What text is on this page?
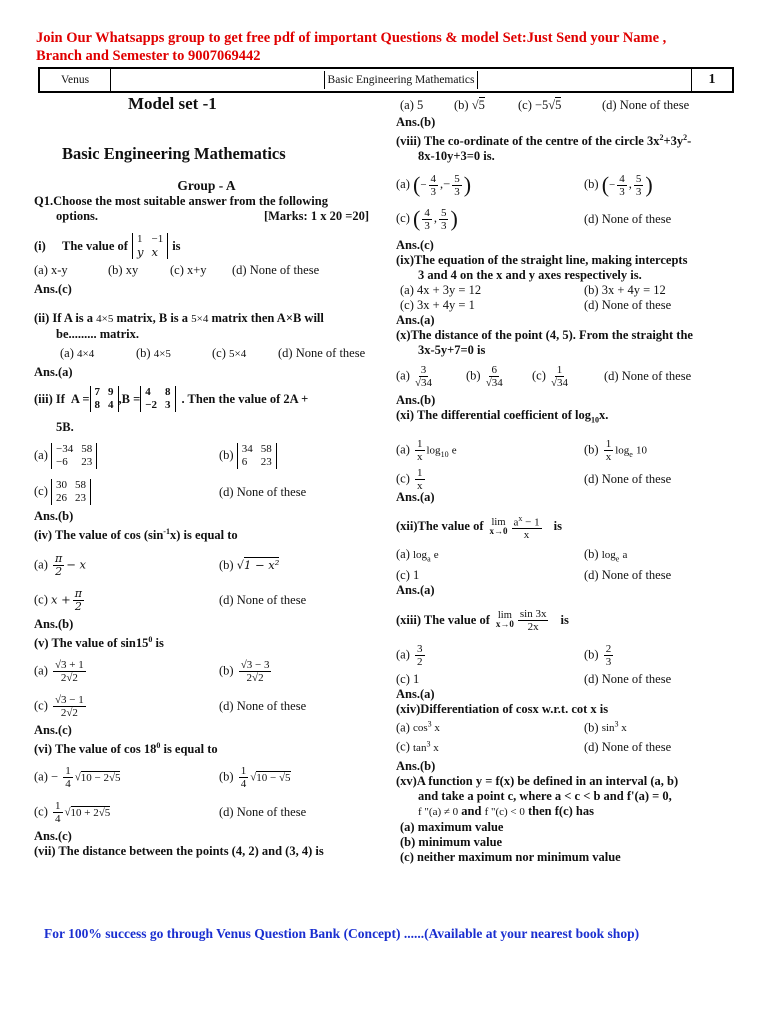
Join Our Whatsapps group to get free pdf of important Questions & model Set:Just Send your Name ,
Branch and Semester to 9007069442
Venus	Basic Engineering Mathematics	1
Model set -1
Basic Engineering Mathematics
Group - A
Q1.Choose the most suitable answer from the following
options.	[Marks: 1 x 20 =20]
(i)	The value of 1 −1
y x	is
(a) x-y	(b) xy	(c) x+y	(d) None of these
Ans.(c)
(ii) If A is a 4×5 matrix, B is a 5×4 matrix then A×B will
be......... matrix.
(a) 4×4	(b) 4×5	(c) 5×4	(d) None of these
Ans.(a)
(iii) If A = 7 9
8 4 ,B = 4	8
−2 3 . Then the value of 2A +
5B.
(a) −34 58
−6	23
(b) 34 58
6	23
(c) 30 58
26 23	(d) None of these
Ans.(b)
(iv) The value of $\cos (\sin^{-1}x)$ is equal to
$(a) \frac{\pi}{2} - x$	(b) √1 − x²
(c) $x + \frac{\pi}{2}$	(d) None of these
Ans.(b)
(v) The value of $\sin 15^0$ is
$(a) \frac{√3 + 1}{2√2}$	$(b) \frac{√3 - 3}{2√2}$
$(c) \frac{√3 - 1}{2√2}$	(d) None of these
Ans.(c)
(vi) The value of $\cos 18^0$ is equal to
$(a) - \frac{1}{4} √10 - 2√5$	$(b) \frac{1}{4} √10 - √5$
$(c) \frac{1}{4} √10 + 2√5$	(d) None of these
Ans.(c)
(vii) The distance between the points (4, 2) and (3, 4) is
(a) 5	(b) √5	(c) −5√5	(d) None of these
Ans.(b)
(viii) The co-ordinate of the centre of the circle $3x^2+3y^2-$
8x-10y+3=0 is.
(a) (− $\frac{4}{3}$ ,− $\frac{5}{3}$ )	(b) (− $\frac{4}{3}$ , $\frac{5}{3}$ )
(c) ( $\frac{4}{3}$ , $\frac{5}{3}$ )	(d) None of these
Ans.(c)
(ix)The equation of the straight line, making intercepts
3 and 4 on the x and y axes respectively is.
(a) 4x + 3y = 12	(b) 3x + 4y = 12
(c) 3x + 4y = 1	(d) None of these
Ans.(a)
(x)The distance of the point (4, 5). From the straight the
3x-5y+7=0 is
$(a) \frac{3}{√34}$	$(b) \frac{6}{√34} (c) \frac{1}{√34}$	(d) None of these
Ans.(b)
(xi) The differential coefficient of $\log_{10}x$.
$(a) \frac{1}{x} \log_{10} e$	$(b) \frac{1}{x} \log_e 10$
$(c) \frac{1}{x}$	(d) None of these
Ans.(a)
(xii)The value of lim
$x\to 0 \frac{a^x - 1}{x}$ is
(a) $\log_a e$	(b) $\log_e a$
(c) 1	(d) None of these
Ans.(a)
(xiii) The value of lim
$x\to 0 \frac{\sin 3x}{2x}$ is
$(a) \frac{3}{2}$	$(b) \frac{2}{3}$
(c) 1	(d) None of these
Ans.(a)
(xiv)Differentiation of cosx w.r.t. cot x is
(a) $\cos^3 x$	(b) $\sin^3 x$
(c) $\tan^3 x$	(d) None of these
Ans.(b)
(xv)A function y = f(x) be defined in an interval (a, b)
and take a point c, where a < c < b and f'(a) = 0,
f "(a) ≠ 0 and f "(c) < 0 then f(c) has
(a) maximum value
(b) minimum value
(c) neither maximum nor minimum value
For 100% success go through Venus Question Bank (Concept) ......(Available at your nearest book shop)
